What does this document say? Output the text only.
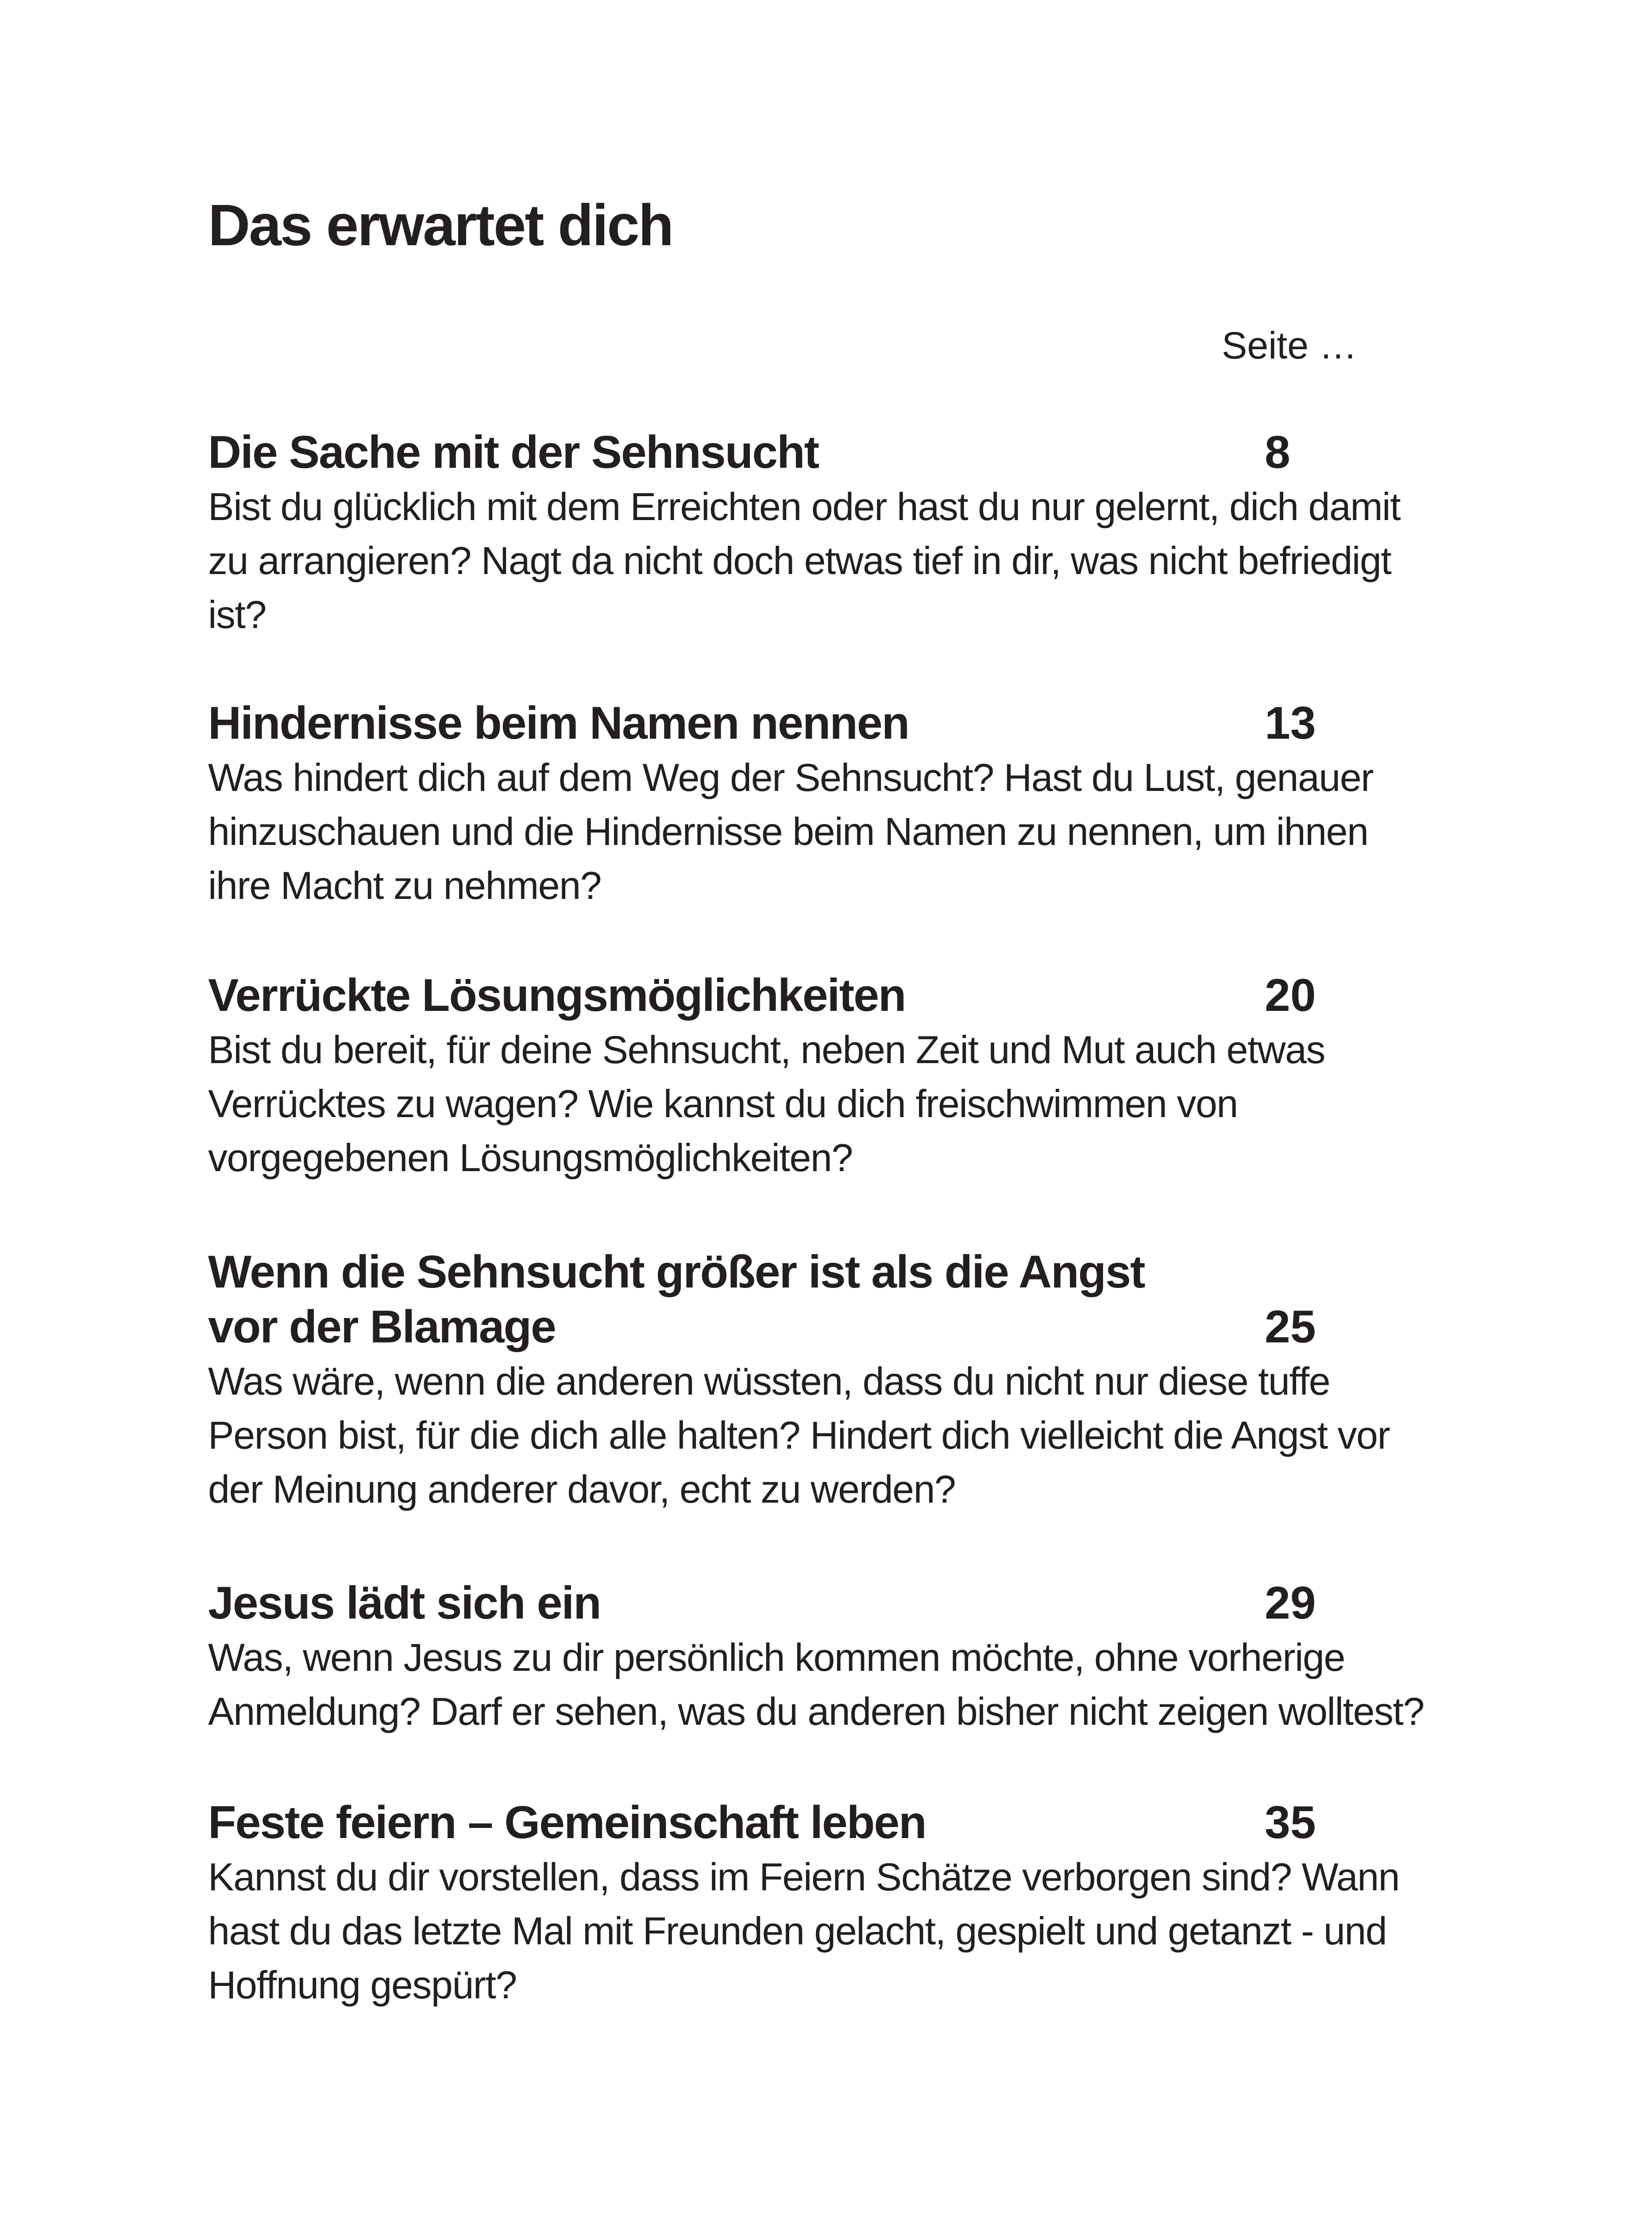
Das erwartet dich
Seite …
Die Sache mit der Sehnsucht	8

Bist du glücklich mit dem Erreichten oder hast du nur gelernt, dich damit

zu arrangieren? Nagt da nicht doch etwas tief in dir, was nicht befriedigt

ist?

Hindernisse beim Namen nennen	13

Was hindert dich auf dem Weg der Sehnsucht? Hast du Lust, genauer

hinzuschauen und die Hindernisse beim Namen zu nennen, um ihnen

ihre Macht zu nehmen?

Verrückte Lösungsmöglichkeiten	20

Bist du bereit, für deine Sehnsucht, neben Zeit und Mut auch etwas

Verrücktes zu wagen? Wie kannst du dich freischwimmen von

vorgegebenen Lösungsmöglichkeiten?

Wenn die Sehnsucht größer ist als die Angst
vor der Blamage	25

Was wäre, wenn die anderen wüssten, dass du nicht nur diese tuffe

Person bist, für die dich alle halten? Hindert dich vielleicht die Angst vor

der Meinung anderer davor, echt zu werden?

Jesus lädt sich ein	29

Was, wenn Jesus zu dir persönlich kommen möchte, ohne vorherige

Anmeldung? Darf er sehen, was du anderen bisher nicht zeigen wolltest?

Feste feiern – Gemeinschaft leben	35

Kannst du dir vorstellen, dass im Feiern Schätze verborgen sind? Wann

hast du das letzte Mal mit Freunden gelacht, gespielt und getanzt - und

Hoffnung gespürt?
